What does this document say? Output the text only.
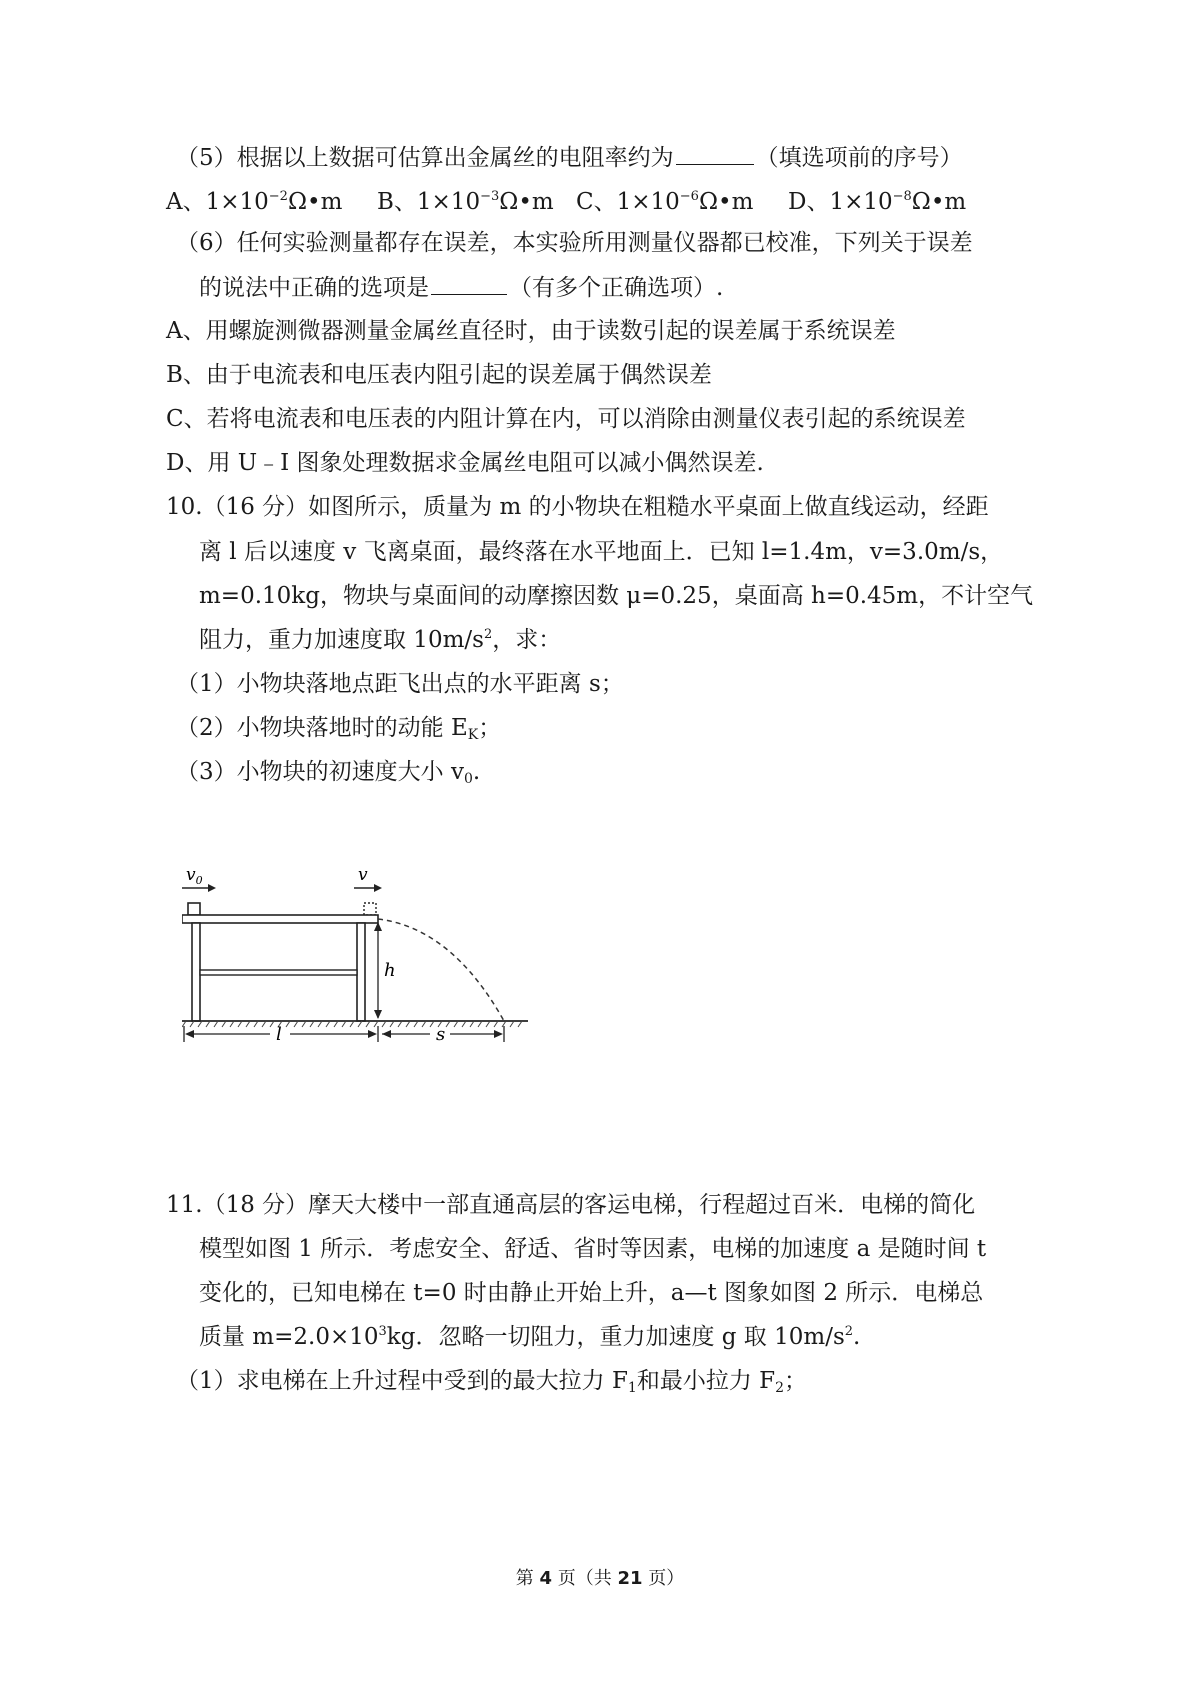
（5）根据以上数据可估算出金属丝的电阻率约为	（填选项前的序号）
A、$1\times 10^{-2}\Omega•m$ B、$1\times 10^{-3}\Omega•m$ C、$1\times 10^{-6}\Omega•m$ D、$1\times 10^{-8}\Omega•m$
（6）任何实验测量都存在误差，本实验所用测量仪器都已校准，下列关于误差
的说法中正确的选项是	（有多个正确选项）.
A、用螺旋测微器测量金属丝直径时，由于读数引起的误差属于系统误差
B、由于电流表和电压表内阻引起的误差属于偶然误差
C、若将电流表和电压表的内阻计算在内，可以消除由测量仪表引起的系统误差
D、用 U﹣I 图象处理数据求金属丝电阻可以减小偶然误差.
10.（16 分）如图所示，质量为 m 的小物块在粗糙水平桌面上做直线运动，经距
离 l 后以速度 v 飞离桌面，最终落在水平地面上．已知 l=1.4m，v=3.0m/s，
m=0.10kg，物块与桌面间的动摩擦因数 μ=0.25，桌面高 h=0.45m，不计空气
阻力，重力加速度取 $10m/s^2$，求：
（1）小物块落地点距飞出点的水平距离 s；
（2）小物块落地时的动能 $E_K$；
（3）小物块的初速度大小 $v_0$.
$v_0$	v
h
l	s
11.（18 分）摩天大楼中一部直通高层的客运电梯，行程超过百米．电梯的简化
模型如图 1 所示．考虑安全、舒适、省时等因素，电梯的加速度 a 是随时间 t
变化的，已知电梯在 t=0 时由静止开始上升，a—t 图象如图 2 所示．电梯总
质量 $m=2.0\times 10^3kg$．忽略一切阻力，重力加速度 g 取 $10m/s^2$.
（1）求电梯在上升过程中受到的最大拉力 $F_1$和最小拉力 $F_2$；
第 4 页（共 21 页）
